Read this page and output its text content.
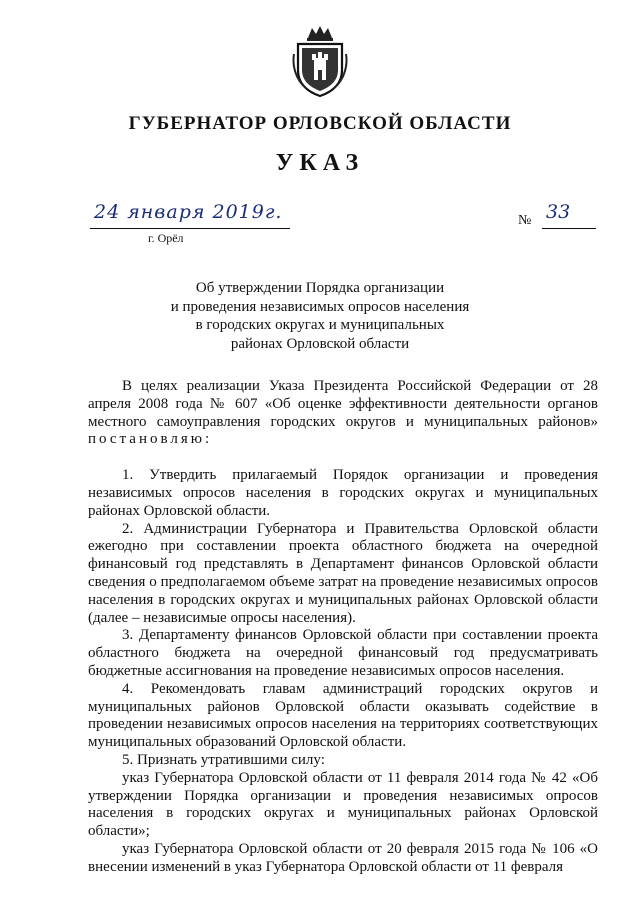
ГУБЕРНАТОР ОРЛОВСКОЙ ОБЛАСТИ
УКАЗ
24 января 2019г.
г. Орёл
№ 33
Об утверждении Порядка организации
и проведения независимых опросов населения
в городских округах и муниципальных
районах Орловской области

В целях реализации Указа Президента Российской Федерации от 28 апреля 2008 года № 607 «Об оценке эффективности деятельности органов местного самоуправления городских округов и муниципальных районов» постановляю:

1. Утвердить прилагаемый Порядок организации и проведения независимых опросов населения в городских округах и муниципальных районах Орловской области.

2. Администрации Губернатора и Правительства Орловской области ежегодно при составлении проекта областного бюджета на очередной финансовый год представлять в Департамент финансов Орловской области сведения о предполагаемом объеме затрат на проведение независимых опросов населения в городских округах и муниципальных районах Орловской области (далее – независимые опросы населения).

3. Департаменту финансов Орловской области при составлении проекта областного бюджета на очередной финансовый год предусматривать бюджетные ассигнования на проведение независимых опросов населения.

4. Рекомендовать главам администраций городских округов и муниципальных районов Орловской области оказывать содействие в проведении независимых опросов населения на территориях соответствующих муниципальных образований Орловской области.

5. Признать утратившими силу:

указ Губернатора Орловской области от 11 февраля 2014 года № 42 «Об утверждении Порядка организации и проведения независимых опросов населения в городских округах и муниципальных районах Орловской области»;

указ Губернатора Орловской области от 20 февраля 2015 года № 106 «О внесении изменений в указ Губернатора Орловской области от 11 февраля
